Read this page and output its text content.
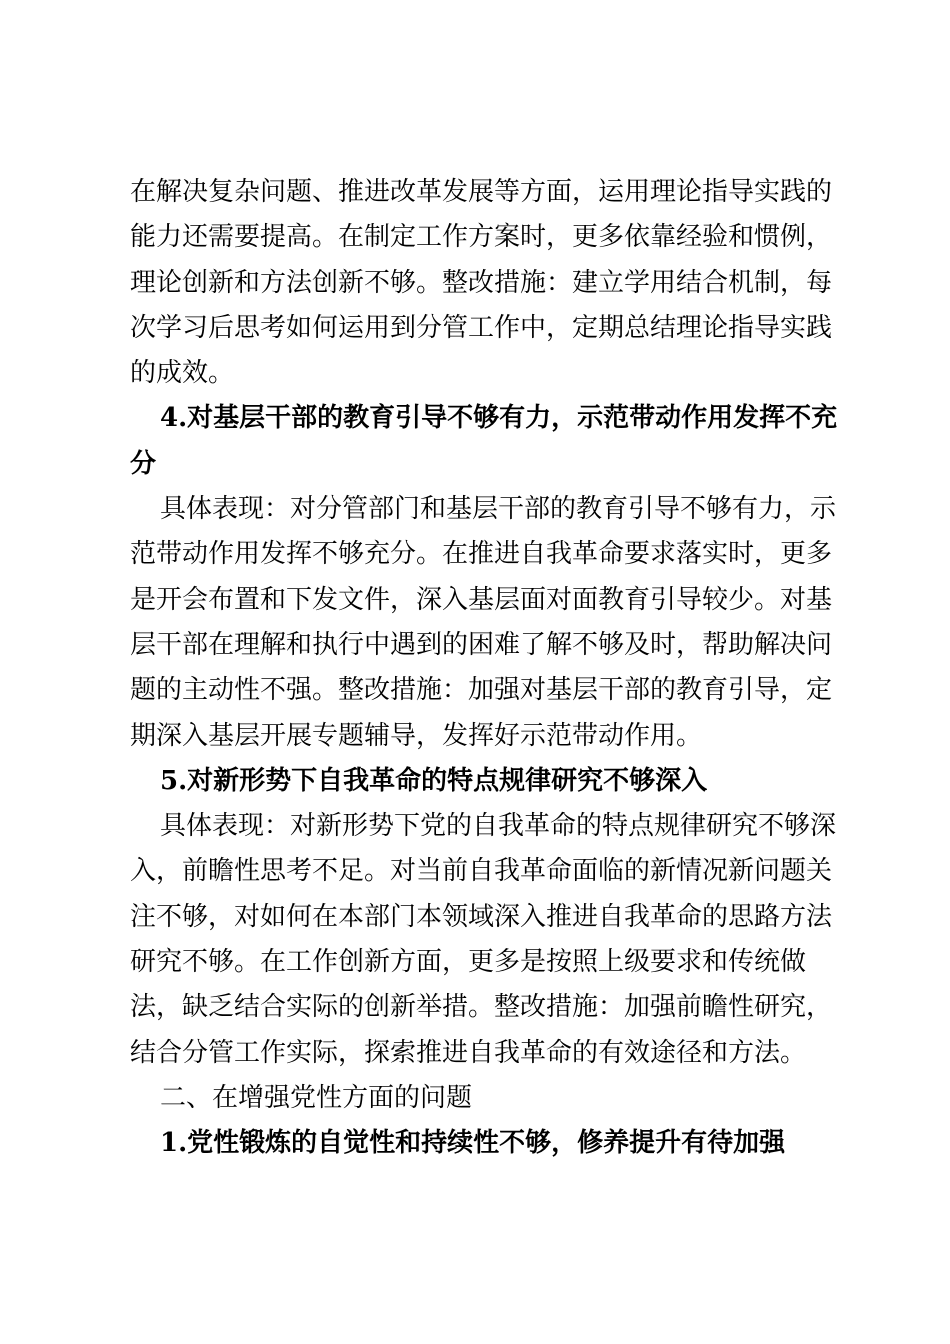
在解决复杂问题、推进改革发展等方面，运用理论指导实践的
能力还需要提高。在制定工作方案时，更多依靠经验和惯例，
理论创新和方法创新不够。整改措施：建立学用结合机制，每
次学习后思考如何运用到分管工作中，定期总结理论指导实践
的成效。
4.对基层干部的教育引导不够有力，示范带动作用发挥不充
分
具体表现：对分管部门和基层干部的教育引导不够有力，示
范带动作用发挥不够充分。在推进自我革命要求落实时，更多
是开会布置和下发文件，深入基层面对面教育引导较少。对基
层干部在理解和执行中遇到的困难了解不够及时，帮助解决问
题的主动性不强。整改措施：加强对基层干部的教育引导，定
期深入基层开展专题辅导，发挥好示范带动作用。
5.对新形势下自我革命的特点规律研究不够深入
具体表现：对新形势下党的自我革命的特点规律研究不够深
入，前瞻性思考不足。对当前自我革命面临的新情况新问题关
注不够，对如何在本部门本领域深入推进自我革命的思路方法
研究不够。在工作创新方面，更多是按照上级要求和传统做
法，缺乏结合实际的创新举措。整改措施：加强前瞻性研究，
结合分管工作实际，探索推进自我革命的有效途径和方法。
二、在增强党性方面的问题
1.党性锻炼的自觉性和持续性不够，修养提升有待加强
